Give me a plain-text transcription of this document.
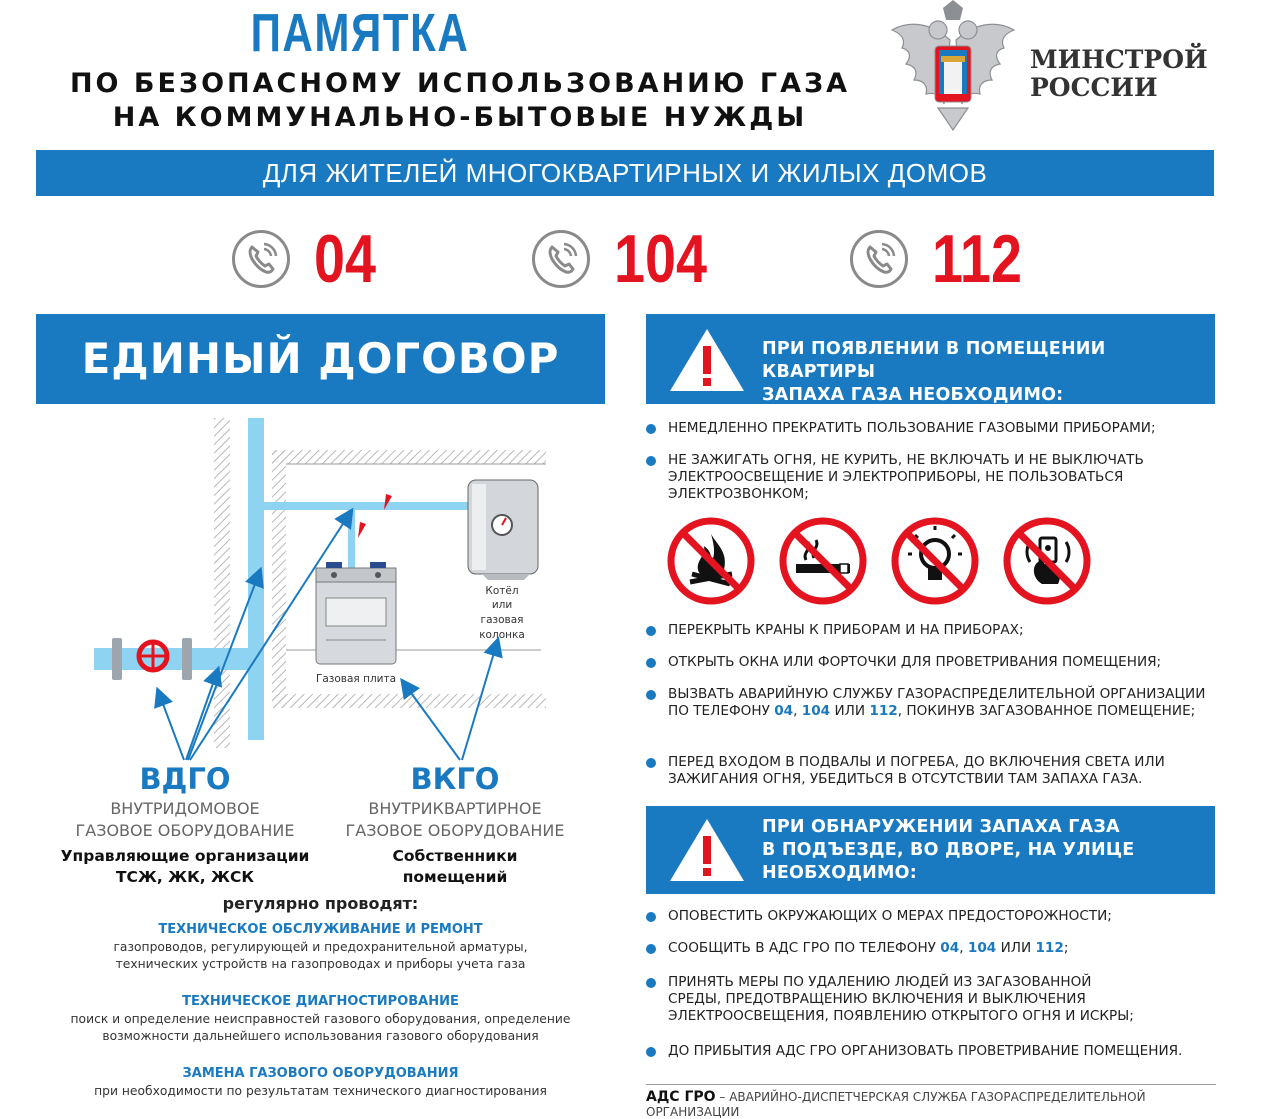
ПАМЯТКА
ПО БЕЗОПАСНОМУ ИСПОЛЬЗОВАНИЮ ГАЗА
НА КОММУНАЛЬНО-БЫТОВЫЕ НУЖДЫ
МИНСТРОЙ
РОССИИ
ДЛЯ ЖИТЕЛЕЙ МНОГОКВАРТИРНЫХ И ЖИЛЫХ ДОМОВ
04	104	112
ЕДИНЫЙ ДОГОВОР
Котёл
или
газовая
колонка
Газовая плита
ВДГО
ВНУТРИДОМОВОЕ
ГАЗОВОЕ ОБОРУДОВАНИЕ
Управляющие организации
ТСЖ, ЖК, ЖСК
ВКГО
ВНУТРИКВАРТИРНОЕ
ГАЗОВОЕ ОБОРУДОВАНИЕ
Собственники
помещений
регулярно проводят:
ТЕХНИЧЕСКОЕ ОБСЛУЖИВАНИЕ И РЕМОНТ
газопроводов, регулирующей и предохранительной арматуры,
технических устройств на газопроводах и приборы учета газа
ТЕХНИЧЕСКОЕ ДИАГНОСТИРОВАНИЕ
поиск и определение неисправностей газового оборудования, определение
возможности дальнейшего использования газового оборудования
ЗАМЕНА ГАЗОВОГО ОБОРУДОВАНИЯ
при необходимости по результатам технического диагностирования
ПРИ ПОЯВЛЕНИИ В ПОМЕЩЕНИИ КВАРТИРЫ
ЗАПАХА ГАЗА НЕОБХОДИМО:
НЕМЕДЛЕННО ПРЕКРАТИТЬ ПОЛЬЗОВАНИЕ ГАЗОВЫМИ ПРИБОРАМИ;
НЕ ЗАЖИГАТЬ ОГНЯ, НЕ КУРИТЬ, НЕ ВКЛЮЧАТЬ И НЕ ВЫКЛЮЧАТЬ ЭЛЕКТРООСВЕЩЕНИЕ И ЭЛЕКТРОПРИБОРЫ, НЕ ПОЛЬЗОВАТЬСЯ ЭЛЕКТРОЗВОНКОМ;
ПЕРЕКРЫТЬ КРАНЫ К ПРИБОРАМ И НА ПРИБОРАХ;
ОТКРЫТЬ ОКНА ИЛИ ФОРТОЧКИ ДЛЯ ПРОВЕТРИВАНИЯ ПОМЕЩЕНИЯ;
ВЫЗВАТЬ АВАРИЙНУЮ СЛУЖБУ ГАЗОРАСПРЕДЕЛИТЕЛЬНОЙ ОРГАНИЗАЦИИ ПО ТЕЛЕФОНУ 04, 104 ИЛИ 112, ПОКИНУВ ЗАГАЗОВАННОЕ ПОМЕЩЕНИЕ;
ПЕРЕД ВХОДОМ В ПОДВАЛЫ И ПОГРЕБА, ДО ВКЛЮЧЕНИЯ СВЕТА ИЛИ ЗАЖИГАНИЯ ОГНЯ, УБЕДИТЬСЯ В ОТСУТСТВИИ ТАМ ЗАПАХА ГАЗА.
ПРИ ОБНАРУЖЕНИИ ЗАПАХА ГАЗА
В ПОДЪЕЗДЕ, ВО ДВОРЕ, НА УЛИЦЕ
НЕОБХОДИМО:
ОПОВЕСТИТЬ ОКРУЖАЮЩИХ О МЕРАХ ПРЕДОСТОРОЖНОСТИ;
СООБЩИТЬ В АДС ГРО ПО ТЕЛЕФОНУ 04, 104 ИЛИ 112;
ПРИНЯТЬ МЕРЫ ПО УДАЛЕНИЮ ЛЮДЕЙ ИЗ ЗАГАЗОВАННОЙ СРЕДЫ, ПРЕДОТВРАЩЕНИЮ ВКЛЮЧЕНИЯ И ВЫКЛЮЧЕНИЯ ЭЛЕКТРООСВЕЩЕНИЯ, ПОЯВЛЕНИЮ ОТКРЫТОГО ОГНЯ И ИСКРЫ;
ДО ПРИБЫТИЯ АДС ГРО ОРГАНИЗОВАТЬ ПРОВЕТРИВАНИЕ ПОМЕЩЕНИЯ.
АДС ГРО – АВАРИЙНО-ДИСПЕТЧЕРСКАЯ СЛУЖБА ГАЗОРАСПРЕДЕЛИТЕЛЬНОЙ ОРГАНИЗАЦИИ
